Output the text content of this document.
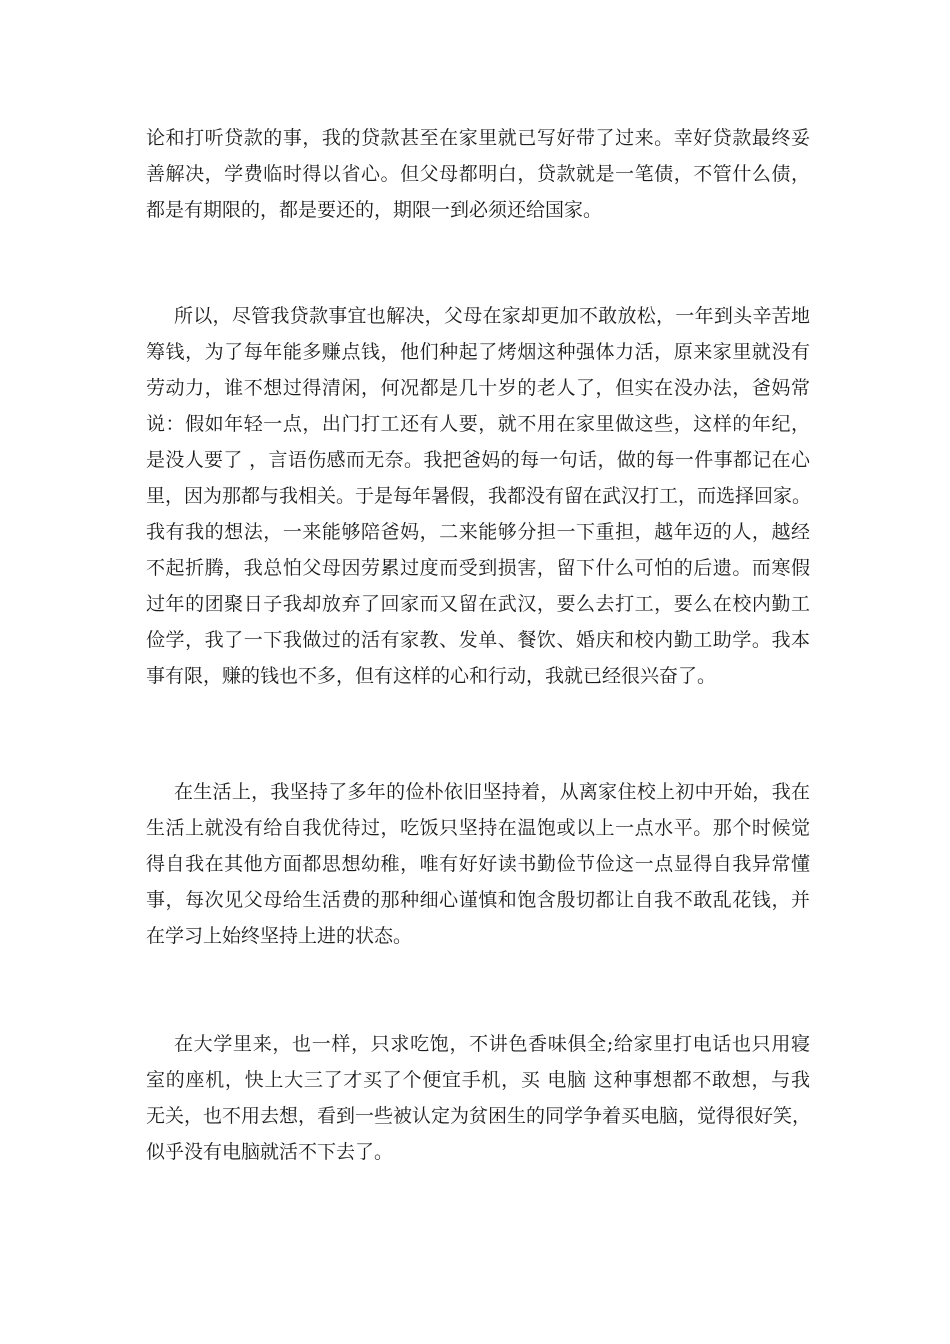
论和打听贷款的事，我的贷款甚至在家里就已写好带了过来。幸好贷款最终妥
善解决，学费临时得以省心。但父母都明白，贷款就是一笔债，不管什么债，
都是有期限的，都是要还的，期限一到必须还给国家。
所以，尽管我贷款事宜也解决，父母在家却更加不敢放松，一年到头辛苦地
筹钱，为了每年能多赚点钱，他们种起了烤烟这种强体力活，原来家里就没有
劳动力，谁不想过得清闲，何况都是几十岁的老人了，但实在没办法，爸妈常
说：假如年轻一点，出门打工还有人要，就不用在家里做这些，这样的年纪，
是没人要了 ，言语伤感而无奈。我把爸妈的每一句话，做的每一件事都记在心
里，因为那都与我相关。于是每年暑假，我都没有留在武汉打工，而选择回家。
我有我的想法，一来能够陪爸妈，二来能够分担一下重担，越年迈的人，越经
不起折腾，我总怕父母因劳累过度而受到损害，留下什么可怕的后遗。而寒假
过年的团聚日子我却放弃了回家而又留在武汉，要么去打工，要么在校内勤工
俭学，我了一下我做过的活有家教、发单、餐饮、婚庆和校内勤工助学。我本
事有限，赚的钱也不多，但有这样的心和行动，我就已经很兴奋了。
在生活上，我坚持了多年的俭朴依旧坚持着，从离家住校上初中开始，我在
生活上就没有给自我优待过，吃饭只坚持在温饱或以上一点水平。那个时候觉
得自我在其他方面都思想幼稚，唯有好好读书勤俭节俭这一点显得自我异常懂
事，每次见父母给生活费的那种细心谨慎和饱含殷切都让自我不敢乱花钱，并
在学习上始终坚持上进的状态。
在大学里来，也一样，只求吃饱，不讲色香味俱全;给家里打电话也只用寝
室的座机，快上大三了才买了个便宜手机，买 电脑 这种事想都不敢想，与我
无关，也不用去想，看到一些被认定为贫困生的同学争着买电脑，觉得很好笑，
似乎没有电脑就活不下去了。
